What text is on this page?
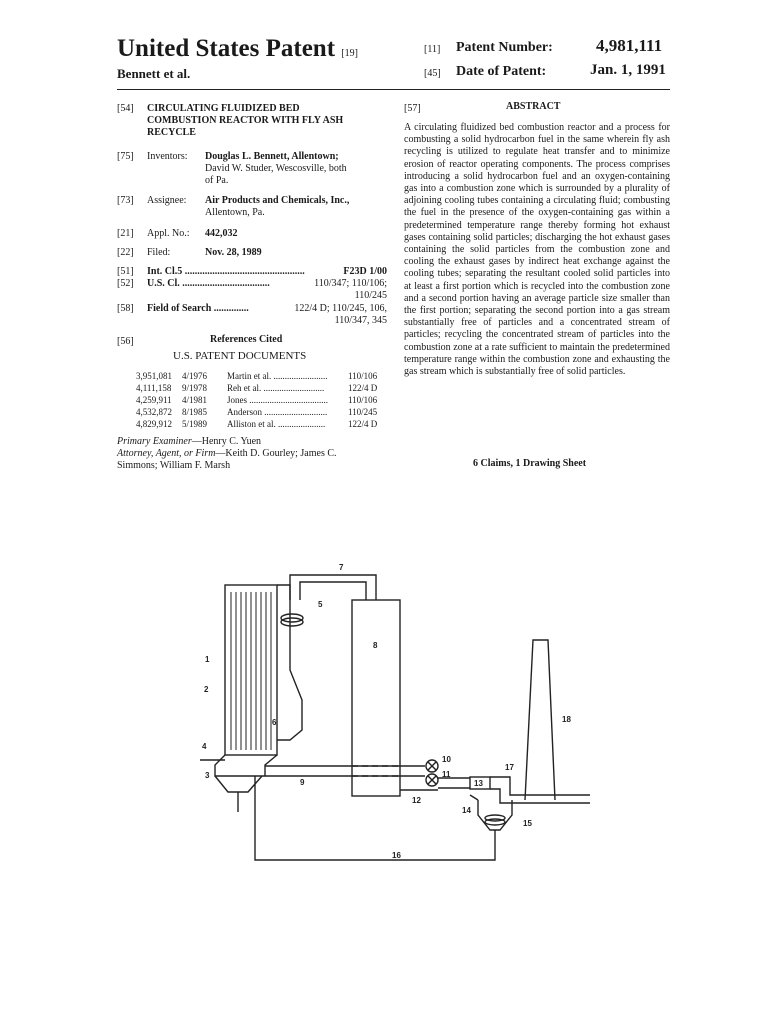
United States Patent [19]
Bennett et al.
[11] Patent Number:	4,981,111
[45] Date of Patent:	Jan. 1, 1991
[54] CIRCULATING FLUIDIZED BED
COMBUSTION REACTOR WITH FLY ASH
RECYCLE
[75] Inventors: Douglas L. Bennett, Allentown;
David W. Studer, Wescosville, both
of Pa.
[73] Assignee: Air Products and Chemicals, Inc.,
Allentown, Pa.
[21] Appl. No.: 442,032
[22] Filed:	Nov. 28, 1989
[51] Int. Cl.5 ................................................	F23D 1/00
[52] U.S. Cl. ...................................	110/347; 110/106;
110/245
[58] Field of Search ..............	122/4 D; 110/245, 106,
110/347, 345
[56]	References Cited
U.S. PATENT DOCUMENTS
3,951,081 4/1976 Martin et al. ........................ 110/106
4,111,158 9/1978 Reh et al. ...........................	122/4 D
4,259,911 4/1981 Jones ................................... 110/106
4,532,872 8/1985 Anderson ............................ 110/245
4,829,912 5/1989 Alliston et al. .....................	122/4 D
Primary Examiner—Henry C. Yuen
Attorney, Agent, or Firm—Keith D. Gourley; James C.
Simmons; William F. Marsh
[57]	ABSTRACT
A circulating fluidized bed combustion reactor and a process for combusting a solid hydrocarbon fuel in the same wherein fly ash recycling is utilized to regulate heat transfer and to minimize erosion of reactor operating components. The process comprises introducing a solid hydrocarbon fuel and an oxygen-containing gas into a combustion zone which is surrounded by a plurality of adjoining cooling tubes containing a circulating fluid; combusting the fuel in the presence of the oxygen-containing gas within a predetermined temperature range thereby forming hot exhaust gases containing solid particles; discharging the hot exhaust gases containing the solid particles from the combustion zone and cooling the exhaust gases by indirect heat exchange against the cooling tubes; separating the resultant cooled solid particles into at least a first portion which is recycled into the combustion zone and a second portion having an average particle size smaller than the first portion; separating the second portion into a gas stream substantially free of particles and a concentrated stream of particles; recycling the concentrated stream of particles into the combustion zone at a rate sufficient to maintain the predetermined temperature range within the combustion zone and exhausting the gas stream which is substantially free of solid particles.
6 Claims, 1 Drawing Sheet
1
2
3
4
5
6
7
8
9
10
11
12
13
14
15
16
17
18
